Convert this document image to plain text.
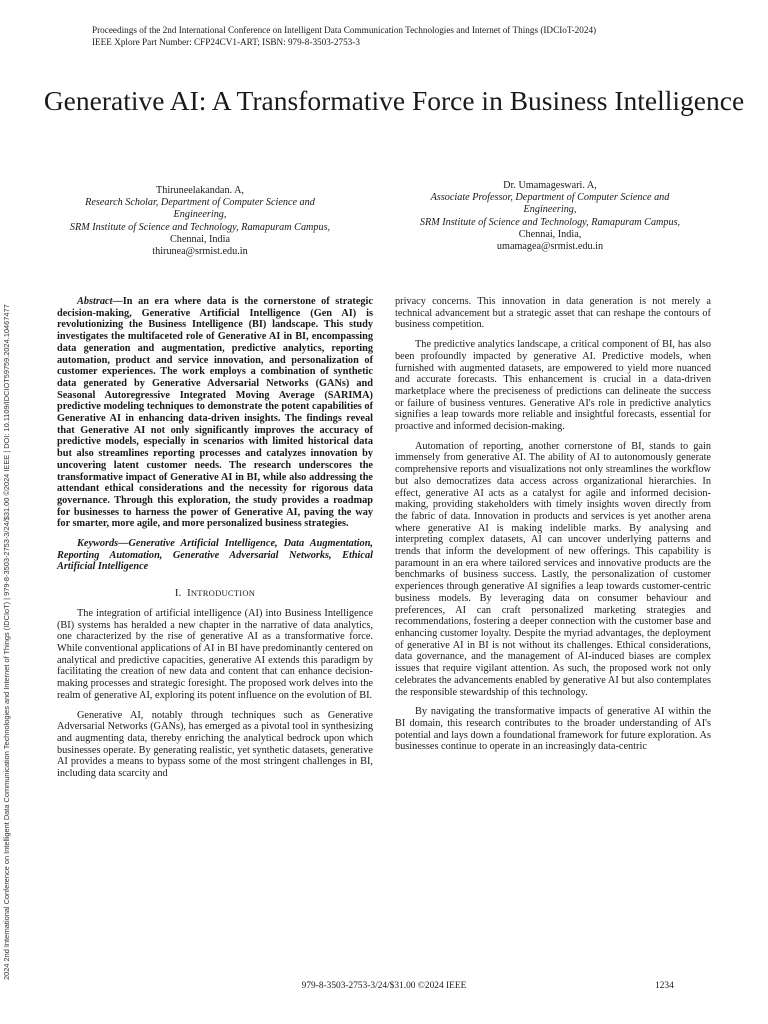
Proceedings of the 2nd International Conference on Intelligent Data Communication Technologies and Internet of Things (IDCIoT-2024)
IEEE Xplore Part Number: CFP24CV1-ART; ISBN: 979-8-3503-2753-3
2024 2nd International Conference on Intelligent Data Communication Technologies and Internet of Things (IDCIoT) | 979-8-3503-2753-3/24/$31.00 ©2024 IEEE | DOI: 10.1109/IDCIOT59759.2024.10467477
Generative AI: A Transformative Force in Business Intelligence
Thiruneelakandan. A,
Research Scholar, Department of Computer Science and
Engineering,
SRM Institute of Science and Technology, Ramapuram Campus,
Chennai, India
thirunea@srmist.edu.in
Dr. Umamageswari. A,
Associate Professor, Department of Computer Science and
Engineering,
SRM Institute of Science and Technology, Ramapuram Campus,
Chennai, India,
umamagea@srmist.edu.in

Abstract—In an era where data is the cornerstone of strategic decision-making, Generative Artificial Intelligence (Gen AI) is revolutionizing the Business Intelligence (BI) landscape. This study investigates the multifaceted role of Generative AI in BI, encompassing data generation and augmentation, predictive analytics, reporting automation, product and service innovation, and personalization of customer experiences. The work employs a combination of synthetic data generated by Generative Adversarial Networks (GANs) and Seasonal Autoregressive Integrated Moving Average (SARIMA) predictive modeling techniques to demonstrate the potent capabilities of Generative AI in enhancing data-driven insights. The findings reveal that Generative AI not only significantly improves the accuracy of predictive models, especially in scenarios with limited historical data but also streamlines reporting processes and catalyzes innovation by uncovering latent customer needs. The research underscores the transformative impact of Generative AI in BI, while also addressing the attendant ethical considerations and the necessity for rigorous data governance. Through this exploration, the study provides a roadmap for businesses to harness the power of Generative AI, paving the way for smarter, more agile, and more personalized business strategies.

Keywords—Generative Artificial Intelligence, Data Augmentation, Reporting Automation, Generative Adversarial Networks, Ethical Artificial Intelligence

I. INTRODUCTION

The integration of artificial intelligence (AI) into Business Intelligence (BI) systems has heralded a new chapter in the narrative of data analytics, one characterized by the rise of generative AI as a transformative force. While conventional applications of AI in BI have predominantly centered on analytical and predictive capacities, generative AI extends this paradigm by facilitating the creation of new data and content that can enhance decision-making processes and strategic foresight. The proposed work delves into the realm of generative AI, exploring its potent influence on the evolution of BI.

Generative AI, notably through techniques such as Generative Adversarial Networks (GANs), has emerged as a pivotal tool in synthesizing and augmenting data, thereby enriching the analytical bedrock upon which businesses operate. By generating realistic, yet synthetic datasets, generative AI provides a means to bypass some of the most stringent challenges in BI, including data scarcity and

privacy concerns. This innovation in data generation is not merely a technical advancement but a strategic asset that can reshape the contours of business competition.

The predictive analytics landscape, a critical component of BI, has also been profoundly impacted by generative AI. Predictive models, when furnished with augmented datasets, are empowered to yield more nuanced and accurate forecasts. This enhancement is crucial in a data-driven marketplace where the preciseness of predictions can delineate the success or failure of business ventures. Generative AI's role in predictive analytics signifies a leap towards more reliable and insightful forecasts, essential for proactive and informed decision-making.

Automation of reporting, another cornerstone of BI, stands to gain immensely from generative AI. The ability of AI to autonomously generate comprehensive reports and visualizations not only streamlines the workflow but also democratizes data access across organizational hierarchies. In effect, generative AI acts as a catalyst for agile and informed decision-making, providing stakeholders with timely insights woven directly from the fabric of data. Innovation in products and services is yet another arena where generative AI is making indelible marks. By analysing and interpreting complex datasets, AI can uncover underlying patterns and trends that inform the development of new offerings. This capability is paramount in an era where tailored services and innovative products are the benchmarks of business success. Lastly, the personalization of customer experiences through generative AI signifies a leap towards customer-centric business models. By leveraging data on consumer behaviour and preferences, AI can craft personalized marketing strategies and recommendations, fostering a deeper connection with the customer base and enhancing customer loyalty. Despite the myriad advantages, the deployment of generative AI in BI is not without its challenges. Ethical considerations, data governance, and the management of AI-induced biases are complex issues that require vigilant attention. As such, the proposed work not only celebrates the advancements enabled by generative AI but also contemplates the responsible stewardship of this technology.

By navigating the transformative impacts of generative AI within the BI domain, this research contributes to the broader understanding of AI's potential and lays down a foundational framework for future exploration. As businesses continue to operate in an increasingly data-centric

979-8-3503-2753-3/24/$31.00 ©2024 IEEE	1234
